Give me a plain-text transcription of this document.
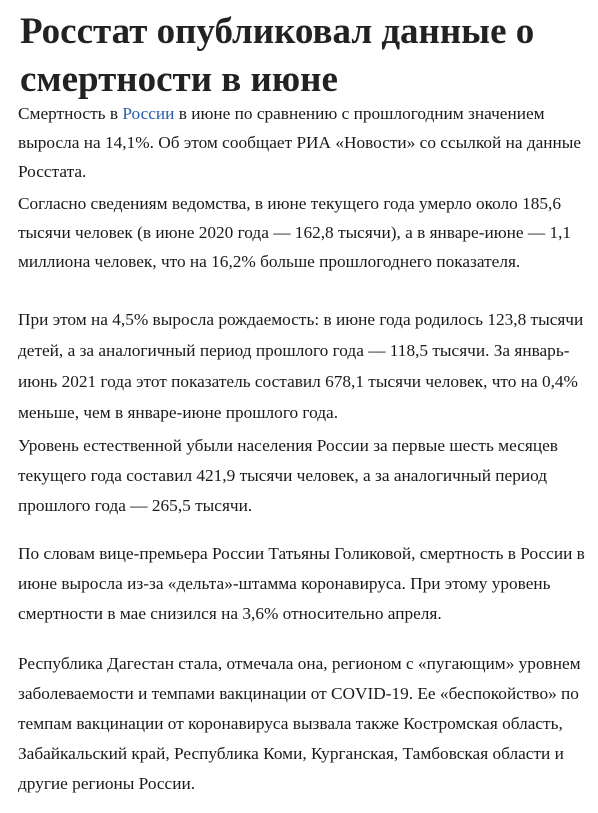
Росстат опубликовал данные о смертности в июне

Смертность в России в июне по сравнению с прошлогодним значением выросла на 14,1%. Об этом сообщает РИА «Новости» со ссылкой на данные Росстата.

Согласно сведениям ведомства, в июне текущего года умерло около 185,6 тысячи человек (в июне 2020 года — 162,8 тысячи), а в январе-июне — 1,1 миллиона человек, что на 16,2% больше прошлогоднего показателя.

При этом на 4,5% выросла рождаемость: в июне года родилось 123,8 тысячи детей, а за аналогичный период прошлого года — 118,5 тысячи. За январь-июнь 2021 года этот показатель составил 678,1 тысячи человек, что на 0,4% меньше, чем в январе-июне прошлого года.

Уровень естественной убыли населения России за первые шесть месяцев текущего года составил 421,9 тысячи человек, а за аналогичный период прошлого года — 265,5 тысячи.

По словам вице-премьера России Татьяны Голиковой, смертность в России в июне выросла из-за «дельта»-штамма коронавируса. При этому уровень смертности в мае снизился на 3,6% относительно апреля.

Республика Дагестан стала, отмечала она, регионом с «пугающим» уровнем заболеваемости и темпами вакцинации от COVID-19. Ее «беспокойство» по темпам вакцинации от коронавируса вызвала также Костромская область, Забайкальский край, Республика Коми, Курганская, Тамбовская области и другие регионы России.
